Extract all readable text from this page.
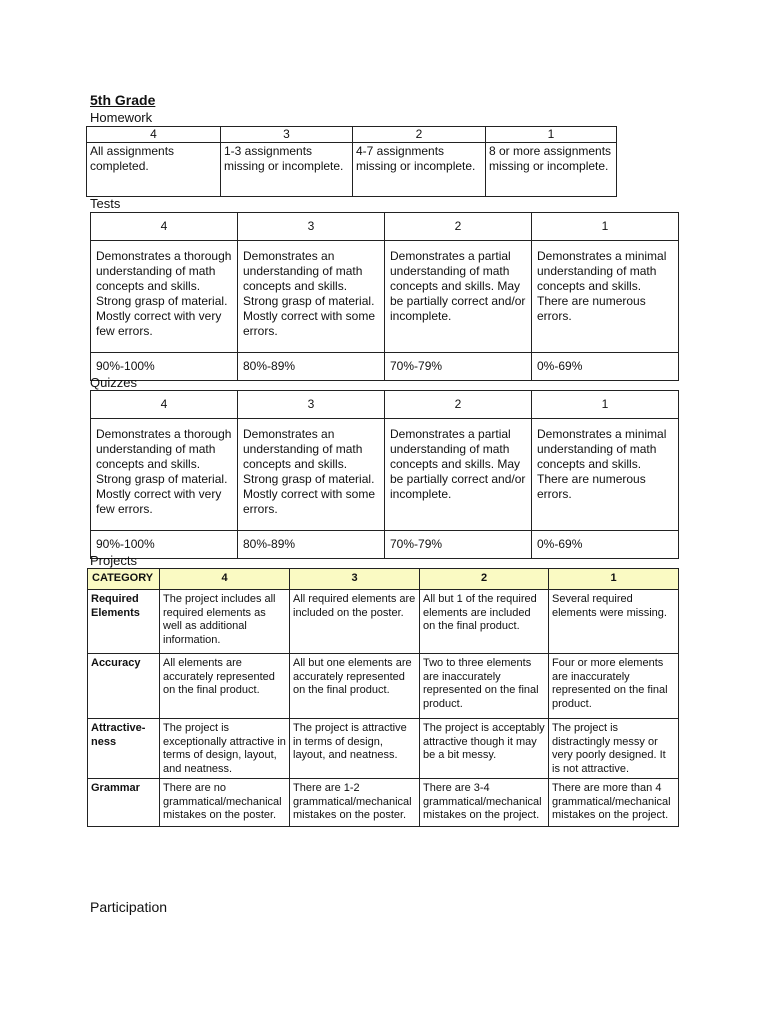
5th Grade
Homework
4	3	2	1
All assignments completed.	1-3 assignments missing or incomplete.	4-7 assignments missing or incomplete.	8 or more assignments missing or incomplete.
Tests
4	3	2	1
Demonstrates a thorough understanding of math concepts and skills. Strong grasp of material. Mostly correct with very few errors.	Demonstrates an understanding of math concepts and skills. Strong grasp of material. Mostly correct with some errors.	Demonstrates a partial understanding of math concepts and skills. May be partially correct and/or incomplete.	Demonstrates a minimal understanding of math concepts and skills. There are numerous errors.
90%-100%	80%-89%	70%-79%	0%-69%
Quizzes
4	3	2	1
Demonstrates a thorough understanding of math concepts and skills. Strong grasp of material. Mostly correct with very few errors.	Demonstrates an understanding of math concepts and skills. Strong grasp of material. Mostly correct with some errors.	Demonstrates a partial understanding of math concepts and skills. May be partially correct and/or incomplete.	Demonstrates a minimal understanding of math concepts and skills. There are numerous errors.
90%-100%	80%-89%	70%-79%	0%-69%
Projects
CATEGORY	4	3	2	1
Required Elements	The project includes all required elements as well as additional information.	All required elements are included on the poster.	All but 1 of the required elements are included on the final product.	Several required elements were missing.
Accuracy	All elements are accurately represented on the final product.	All but one elements are accurately represented on the final product.	Two to three elements are inaccurately represented on the final product.	Four or more elements are inaccurately represented on the final product.
Attractive-ness	The project is exceptionally attractive in terms of design, layout, and neatness.	The project is attractive in terms of design, layout, and neatness.	The project is acceptably attractive though it may be a bit messy.	The project is distractingly messy or very poorly designed. It is not attractive.
Grammar	There are no grammatical/mechanical mistakes on the poster.	There are 1-2 grammatical/mechanical mistakes on the poster.	There are 3-4 grammatical/mechanical mistakes on the project.	There are more than 4 grammatical/mechanical mistakes on the project.
Participation
